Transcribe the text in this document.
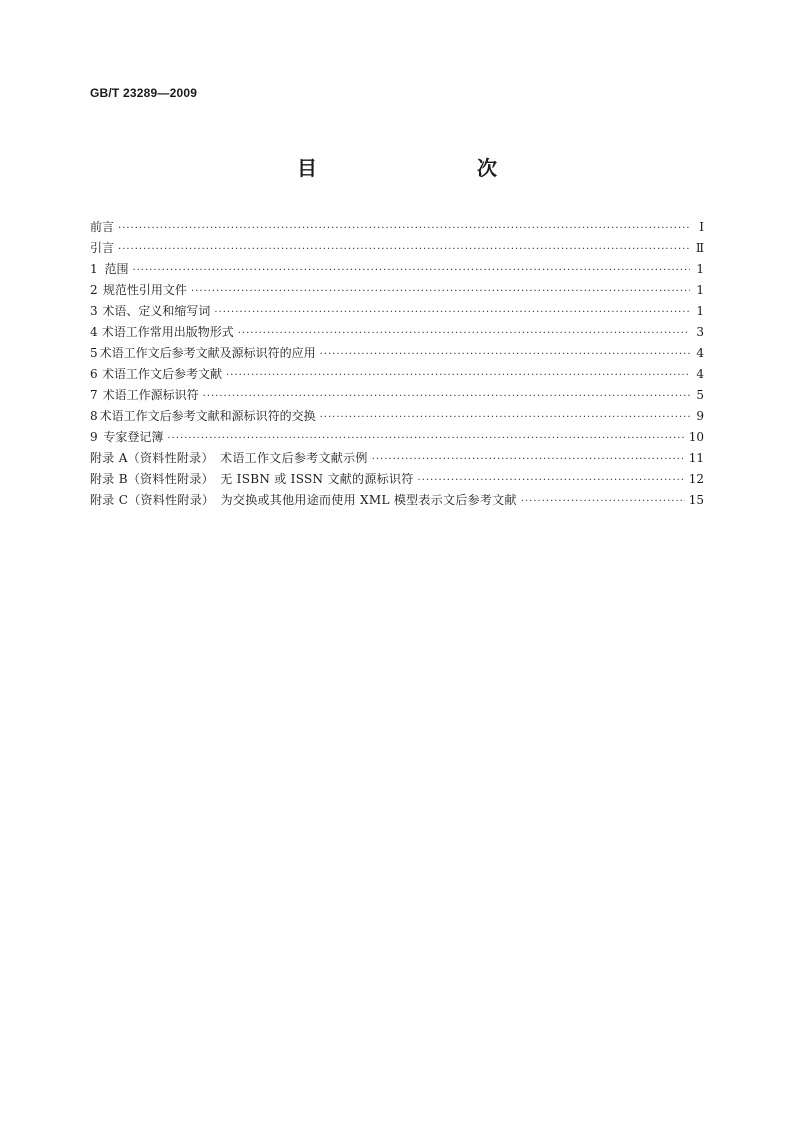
GB/T 23289—2009
目　　次
前言 ·····	Ⅰ
引言 ·····	Ⅱ
1 范围 ·····	1
2 规范性引用文件 ·····	1
3 术语、定义和缩写词 ·····	1
4 术语工作常用出版物形式 ·····	3
5 术语工作文后参考文献及源标识符的应用 ·····	4
6 术语工作文后参考文献 ·····	4
7 术语工作源标识符 ·····	5
8 术语工作文后参考文献和源标识符的交换 ·····	9
9 专家登记簿 ·····	10
附录 A（资料性附录）　术语工作文后参考文献示例 ·····	11
附录 B（资料性附录）　无 ISBN 或 ISSN 文献的源标识符 ·····	12
附录 C（资料性附录）　为交换或其他用途而使用 XML 模型表示文后参考文献 ·····	15
